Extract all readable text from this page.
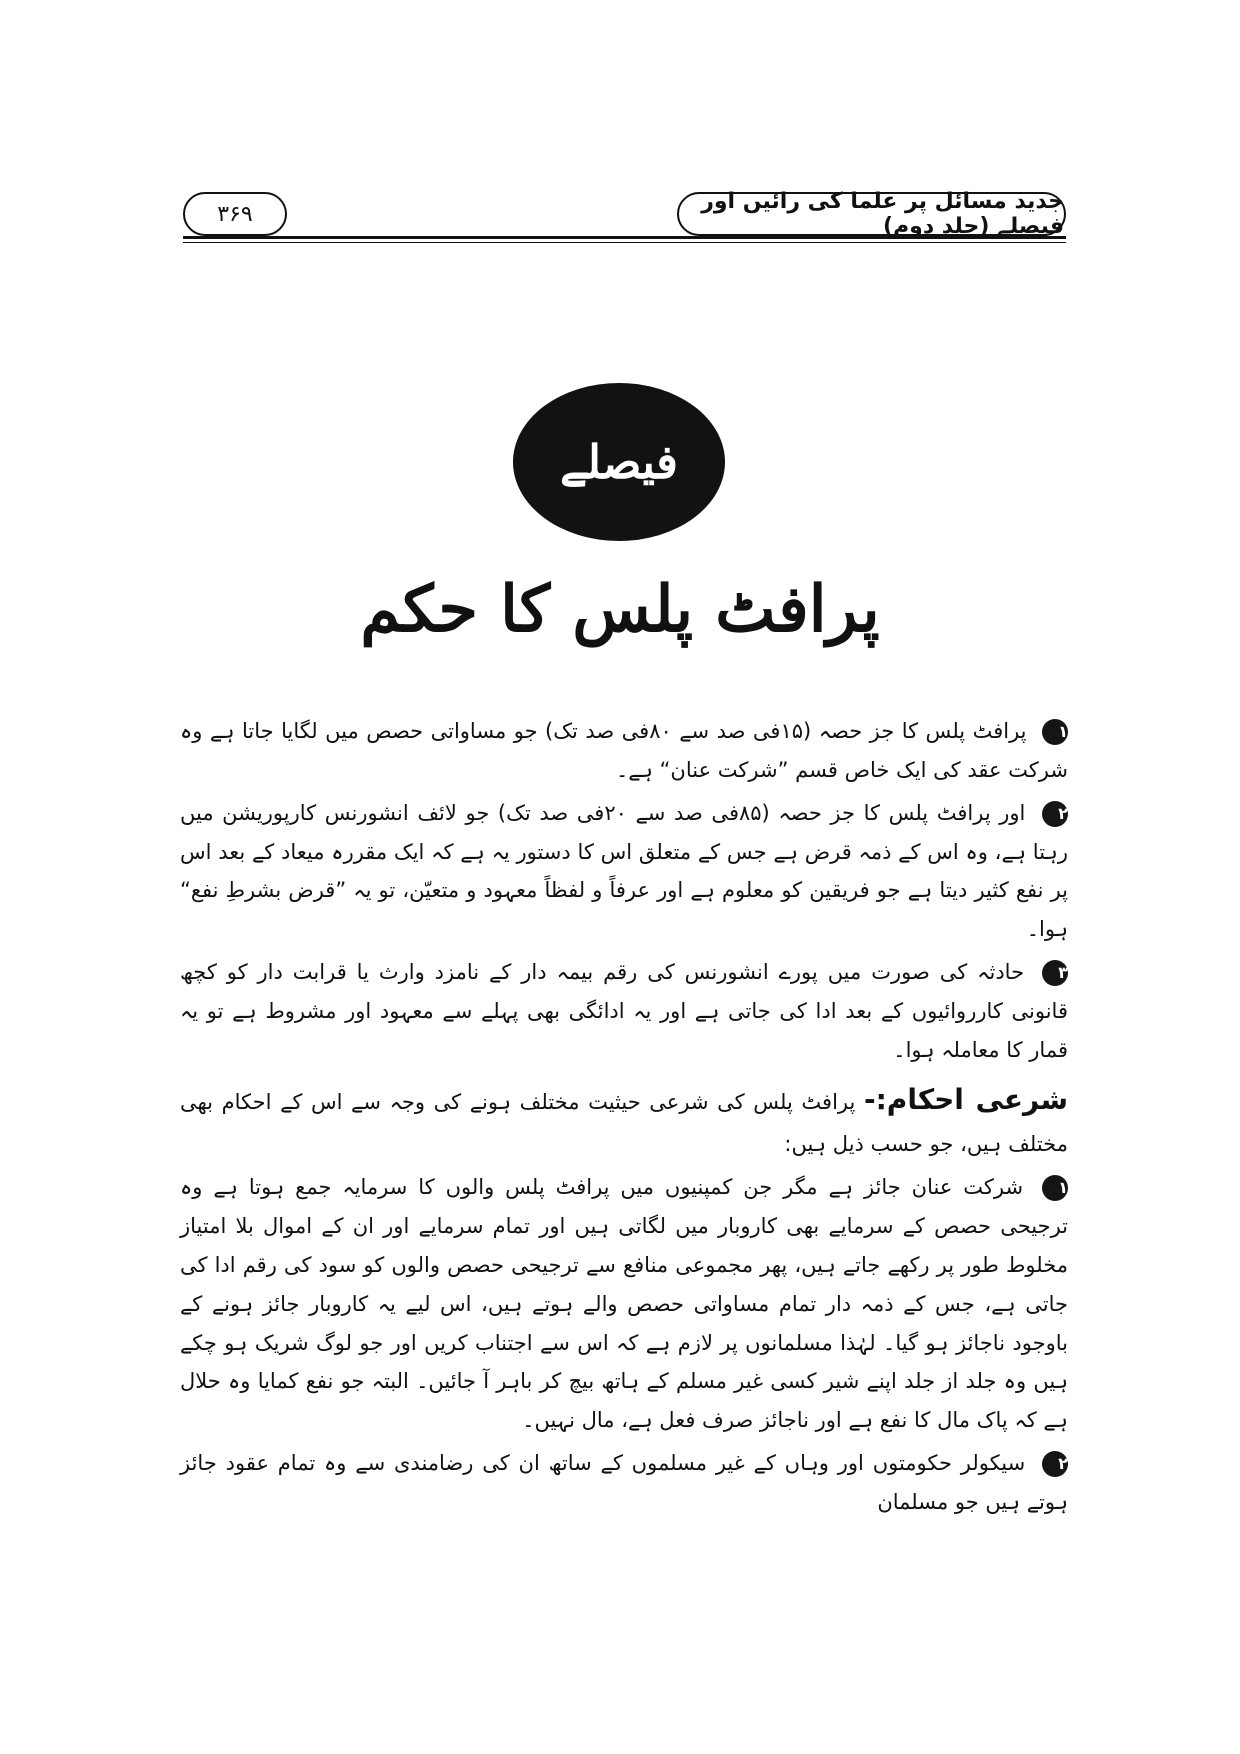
۳۶۹	جدید مسائل پر علما کی رائیں اور فیصلے (جلد دوم)
فیصلے
پرافٹ پلس کا حکم

۱ پرافٹ پلس کا جز حصہ (۱۵فی صد سے ۸۰فی صد تک) جو مساواتی حصص میں لگایا جاتا ہے وہ شرکت عقد کی ایک خاص قسم ”شرکت عنان“ ہے۔

۲ اور پرافٹ پلس کا جز حصہ (۸۵فی صد سے ۲۰فی صد تک) جو لائف انشورنس کارپوریشن میں رہتا ہے، وہ اس کے ذمہ قرض ہے جس کے متعلق اس کا دستور یہ ہے کہ ایک مقررہ میعاد کے بعد اس پر نفع کثیر دیتا ہے جو فریقین کو معلوم ہے اور عرفاً و لفظاً معہود و متعیّن، تو یہ ”قرض بشرطِ نفع“ ہوا۔

۳ حادثہ کی صورت میں پورے انشورنس کی رقم بیمہ دار کے نامزد وارث یا قرابت دار کو کچھ قانونی کارروائیوں کے بعد ادا کی جاتی ہے اور یہ ادائگی بھی پہلے سے معہود اور مشروط ہے تو یہ قمار کا معاملہ ہوا۔

شرعی احکام:- پرافٹ پلس کی شرعی حیثیت مختلف ہونے کی وجہ سے اس کے احکام بھی مختلف ہیں، جو حسب ذیل ہیں:

۱ شرکت عنان جائز ہے مگر جن کمپنیوں میں پرافٹ پلس والوں کا سرمایہ جمع ہوتا ہے وہ ترجیحی حصص کے سرمایے بھی کاروبار میں لگاتی ہیں اور تمام سرمایے اور ان کے اموال بلا امتیاز مخلوط طور پر رکھے جاتے ہیں، پھر مجموعی منافع سے ترجیحی حصص والوں کو سود کی رقم ادا کی جاتی ہے، جس کے ذمہ دار تمام مساواتی حصص والے ہوتے ہیں، اس لیے یہ کاروبار جائز ہونے کے باوجود ناجائز ہو گیا۔ لہٰذا مسلمانوں پر لازم ہے کہ اس سے اجتناب کریں اور جو لوگ شریک ہو چکے ہیں وہ جلد از جلد اپنے شیر کسی غیر مسلم کے ہاتھ بیچ کر باہر آ جائیں۔ البتہ جو نفع کمایا وہ حلال ہے کہ پاک مال کا نفع ہے اور ناجائز صرف فعل ہے، مال نہیں۔

۲ سیکولر حکومتوں اور وہاں کے غیر مسلموں کے ساتھ ان کی رضامندی سے وہ تمام عقود جائز ہوتے ہیں جو مسلمان
